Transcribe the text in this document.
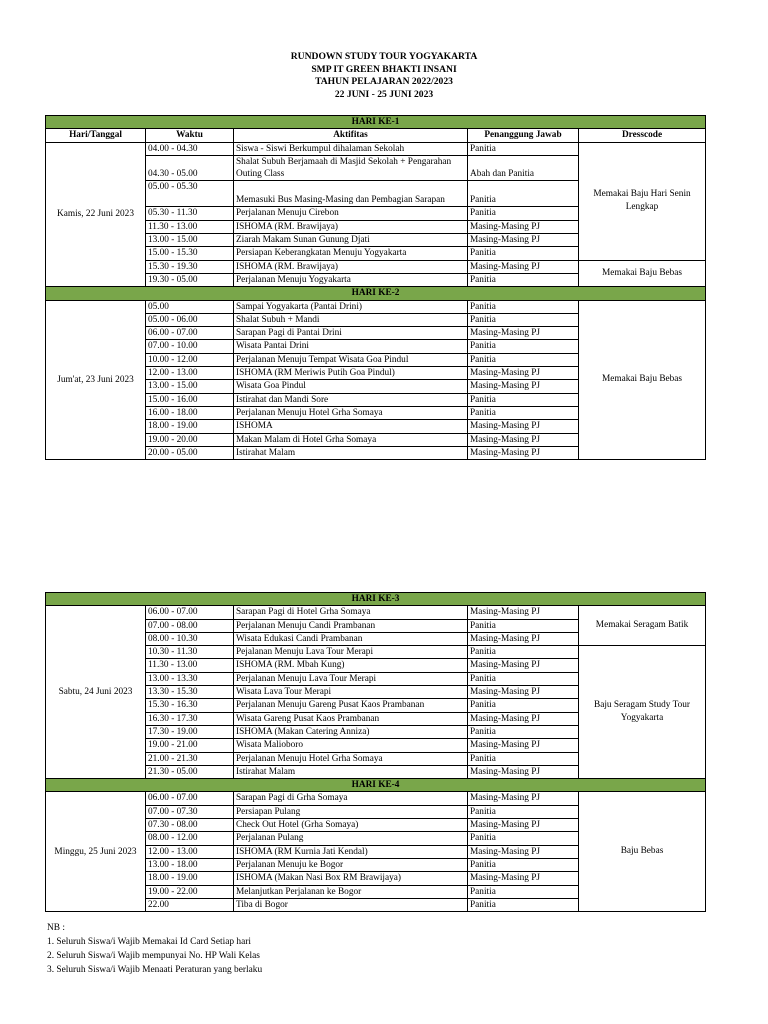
RUNDOWN STUDY TOUR YOGYAKARTA
SMP IT GREEN BHAKTI INSANI
TAHUN PELAJARAN 2022/2023
22 JUNI - 25 JUNI 2023
HARI KE-1				
Hari/Tanggal	Waktu	Aktifitas	Penanggung Jawab	Dresscode
Kamis, 22 Juni 2023	04.00 - 04.30	Siswa - Siswi Berkumpul dihalaman Sekolah	Panitia	Memakai Baju Hari Senin Lengkap
	04.30 - 05.00	Shalat Subuh Berjamaah di Masjid Sekolah + Pengarahan Outing Class	Abah dan Panitia	
	05.00 - 05.30	Memasuki Bus Masing-Masing dan Pembagian Sarapan	Panitia	
	05.30 - 11.30	Perjalanan Menuju Cirebon	Panitia	
	11.30 - 13.00	ISHOMA (RM. Brawijaya)	Masing-Masing PJ	
	13.00 - 15.00	Ziarah Makam Sunan Gunung Djati	Masing-Masing PJ	
	15.00 - 15.30	Persiapan Keberangkatan Menuju Yogyakarta	Panitia	
	15.30 - 19.30	ISHOMA (RM. Brawijaya)	Masing-Masing PJ	Memakai Baju Bebas
	19.30 - 05.00	Perjalanan Menuju Yogyakarta	Panitia	
HARI KE-2				
Jum'at, 23 Juni 2023	05.00	Sampai Yogyakarta (Pantai Drini)	Panitia	Memakai Baju Bebas
	05.00 - 06.00	Shalat Subuh + Mandi	Panitia	
	06.00 - 07.00	Sarapan Pagi di Pantai Drini	Masing-Masing PJ	
	07.00 - 10.00	Wisata Pantai Drini	Panitia	
	10.00 - 12.00	Perjalanan Menuju Tempat Wisata Goa Pindul	Panitia	
	12.00 - 13.00	ISHOMA (RM Meriwis Putih Goa Pindul)	Masing-Masing PJ	
	13.00 - 15.00	Wisata Goa Pindul	Masing-Masing PJ	
	15.00 - 16.00	Istirahat dan Mandi Sore	Panitia	
	16.00 - 18.00	Perjalanan Menuju Hotel Grha Somaya	Panitia	
	18.00 - 19.00	ISHOMA	Masing-Masing PJ	
	19.00 - 20.00	Makan Malam di Hotel Grha Somaya	Masing-Masing PJ	
	20.00 - 05.00	Istirahat Malam	Masing-Masing PJ	
HARI KE-3				
Sabtu, 24 Juni 2023	06.00 - 07.00	Sarapan Pagi di Hotel Grha Somaya	Masing-Masing PJ	Memakai Seragam Batik
	07.00 - 08.00	Perjalanan Menuju Candi Prambanan	Panitia	
	08.00 - 10.30	Wisata Edukasi Candi Prambanan	Masing-Masing PJ	
	10.30 - 11.30	Pejalanan Menuju Lava Tour Merapi	Panitia	Baju Seragam Study Tour Yogyakarta
	11.30 - 13.00	ISHOMA (RM. Mbah Kung)	Masing-Masing PJ	
	13.00 - 13.30	Perjalanan Menuju Lava Tour Merapi	Panitia	
	13.30 - 15.30	Wisata Lava Tour Merapi	Masing-Masing PJ	
	15.30 - 16.30	Perjalanan Menuju Gareng Pusat Kaos Prambanan	Panitia	
	16.30 - 17.30	Wisata Gareng Pusat Kaos Prambanan	Masing-Masing PJ	
	17.30 - 19.00	ISHOMA (Makan Catering Anniza)	Panitia	
	19.00 - 21.00	Wisata Malioboro	Masing-Masing PJ	
	21.00 - 21.30	Perjalanan Menuju Hotel Grha Somaya	Panitia	
	21.30 - 05.00	Istirahat Malam	Masing-Masing PJ	
HARI KE-4				
Minggu, 25 Juni 2023	06.00 - 07.00	Sarapan Pagi di Grha Somaya	Masing-Masing PJ	Baju Bebas
	07.00 - 07.30	Persiapan Pulang	Panitia	
	07.30 - 08.00	Check Out Hotel (Grha Somaya)	Masing-Masing PJ	
	08.00 - 12.00	Perjalanan Pulang	Panitia	
	12.00 - 13.00	ISHOMA (RM Kurnia Jati Kendal)	Masing-Masing PJ	
	13.00 - 18.00	Perjalanan Menuju ke Bogor	Panitia	
	18.00 - 19.00	ISHOMA (Makan Nasi Box RM Brawijaya)	Masing-Masing PJ	
	19.00 - 22.00	Melanjutkan Perjalanan ke Bogor	Panitia	
	22.00	Tiba di Bogor	Panitia	
NB :
1. Seluruh Siswa/i Wajib Memakai Id Card Setiap hari
2. Seluruh Siswa/i Wajib mempunyai No. HP Wali Kelas
3. Seluruh Siswa/i Wajib Menaati Peraturan yang berlaku
